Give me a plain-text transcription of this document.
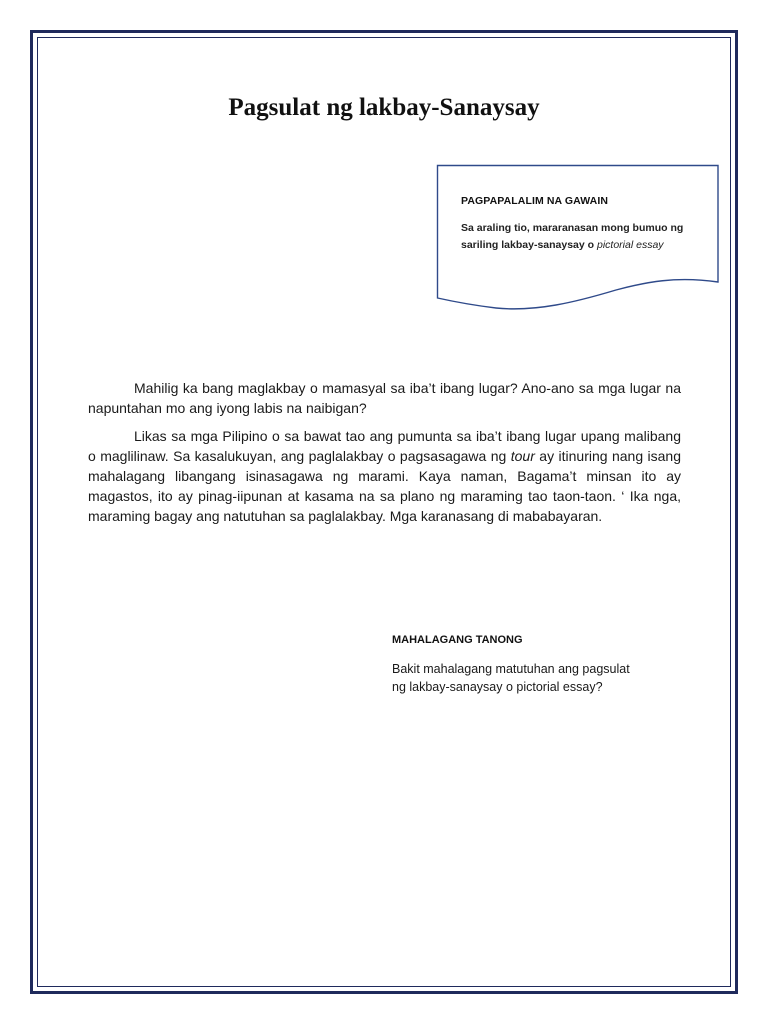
Pagsulat ng lakbay-Sanaysay

PAGPAPALALIM NA GAWAIN

Sa araling tio, mararanasan mong bumuo ng sariling lakbay-sanaysay o pictorial essay

Mahilig ka bang maglakbay o mamasyal sa iba’t ibang lugar? Ano-ano sa mga lugar na napuntahan mo ang iyong labis na naibigan?

Likas sa mga Pilipino o sa bawat tao ang pumunta sa iba’t ibang lugar upang malibang o maglilinaw. Sa kasalukuyan, ang paglalakbay o pagsasagawa ng tour ay itinuring nang isang mahalagang libangang isinasagawa ng marami. Kaya naman, Bagama’t minsan ito ay magastos, ito ay pinag-iipunan at kasama na sa plano ng maraming tao taon-taon. ‘ Ika nga, maraming bagay ang natutuhan sa paglalakbay. Mga karanasang di mababayaran.

MAHALAGANG TANONG

Bakit mahalagang matutuhan ang pagsulat ng lakbay-sanaysay o pictorial essay?
